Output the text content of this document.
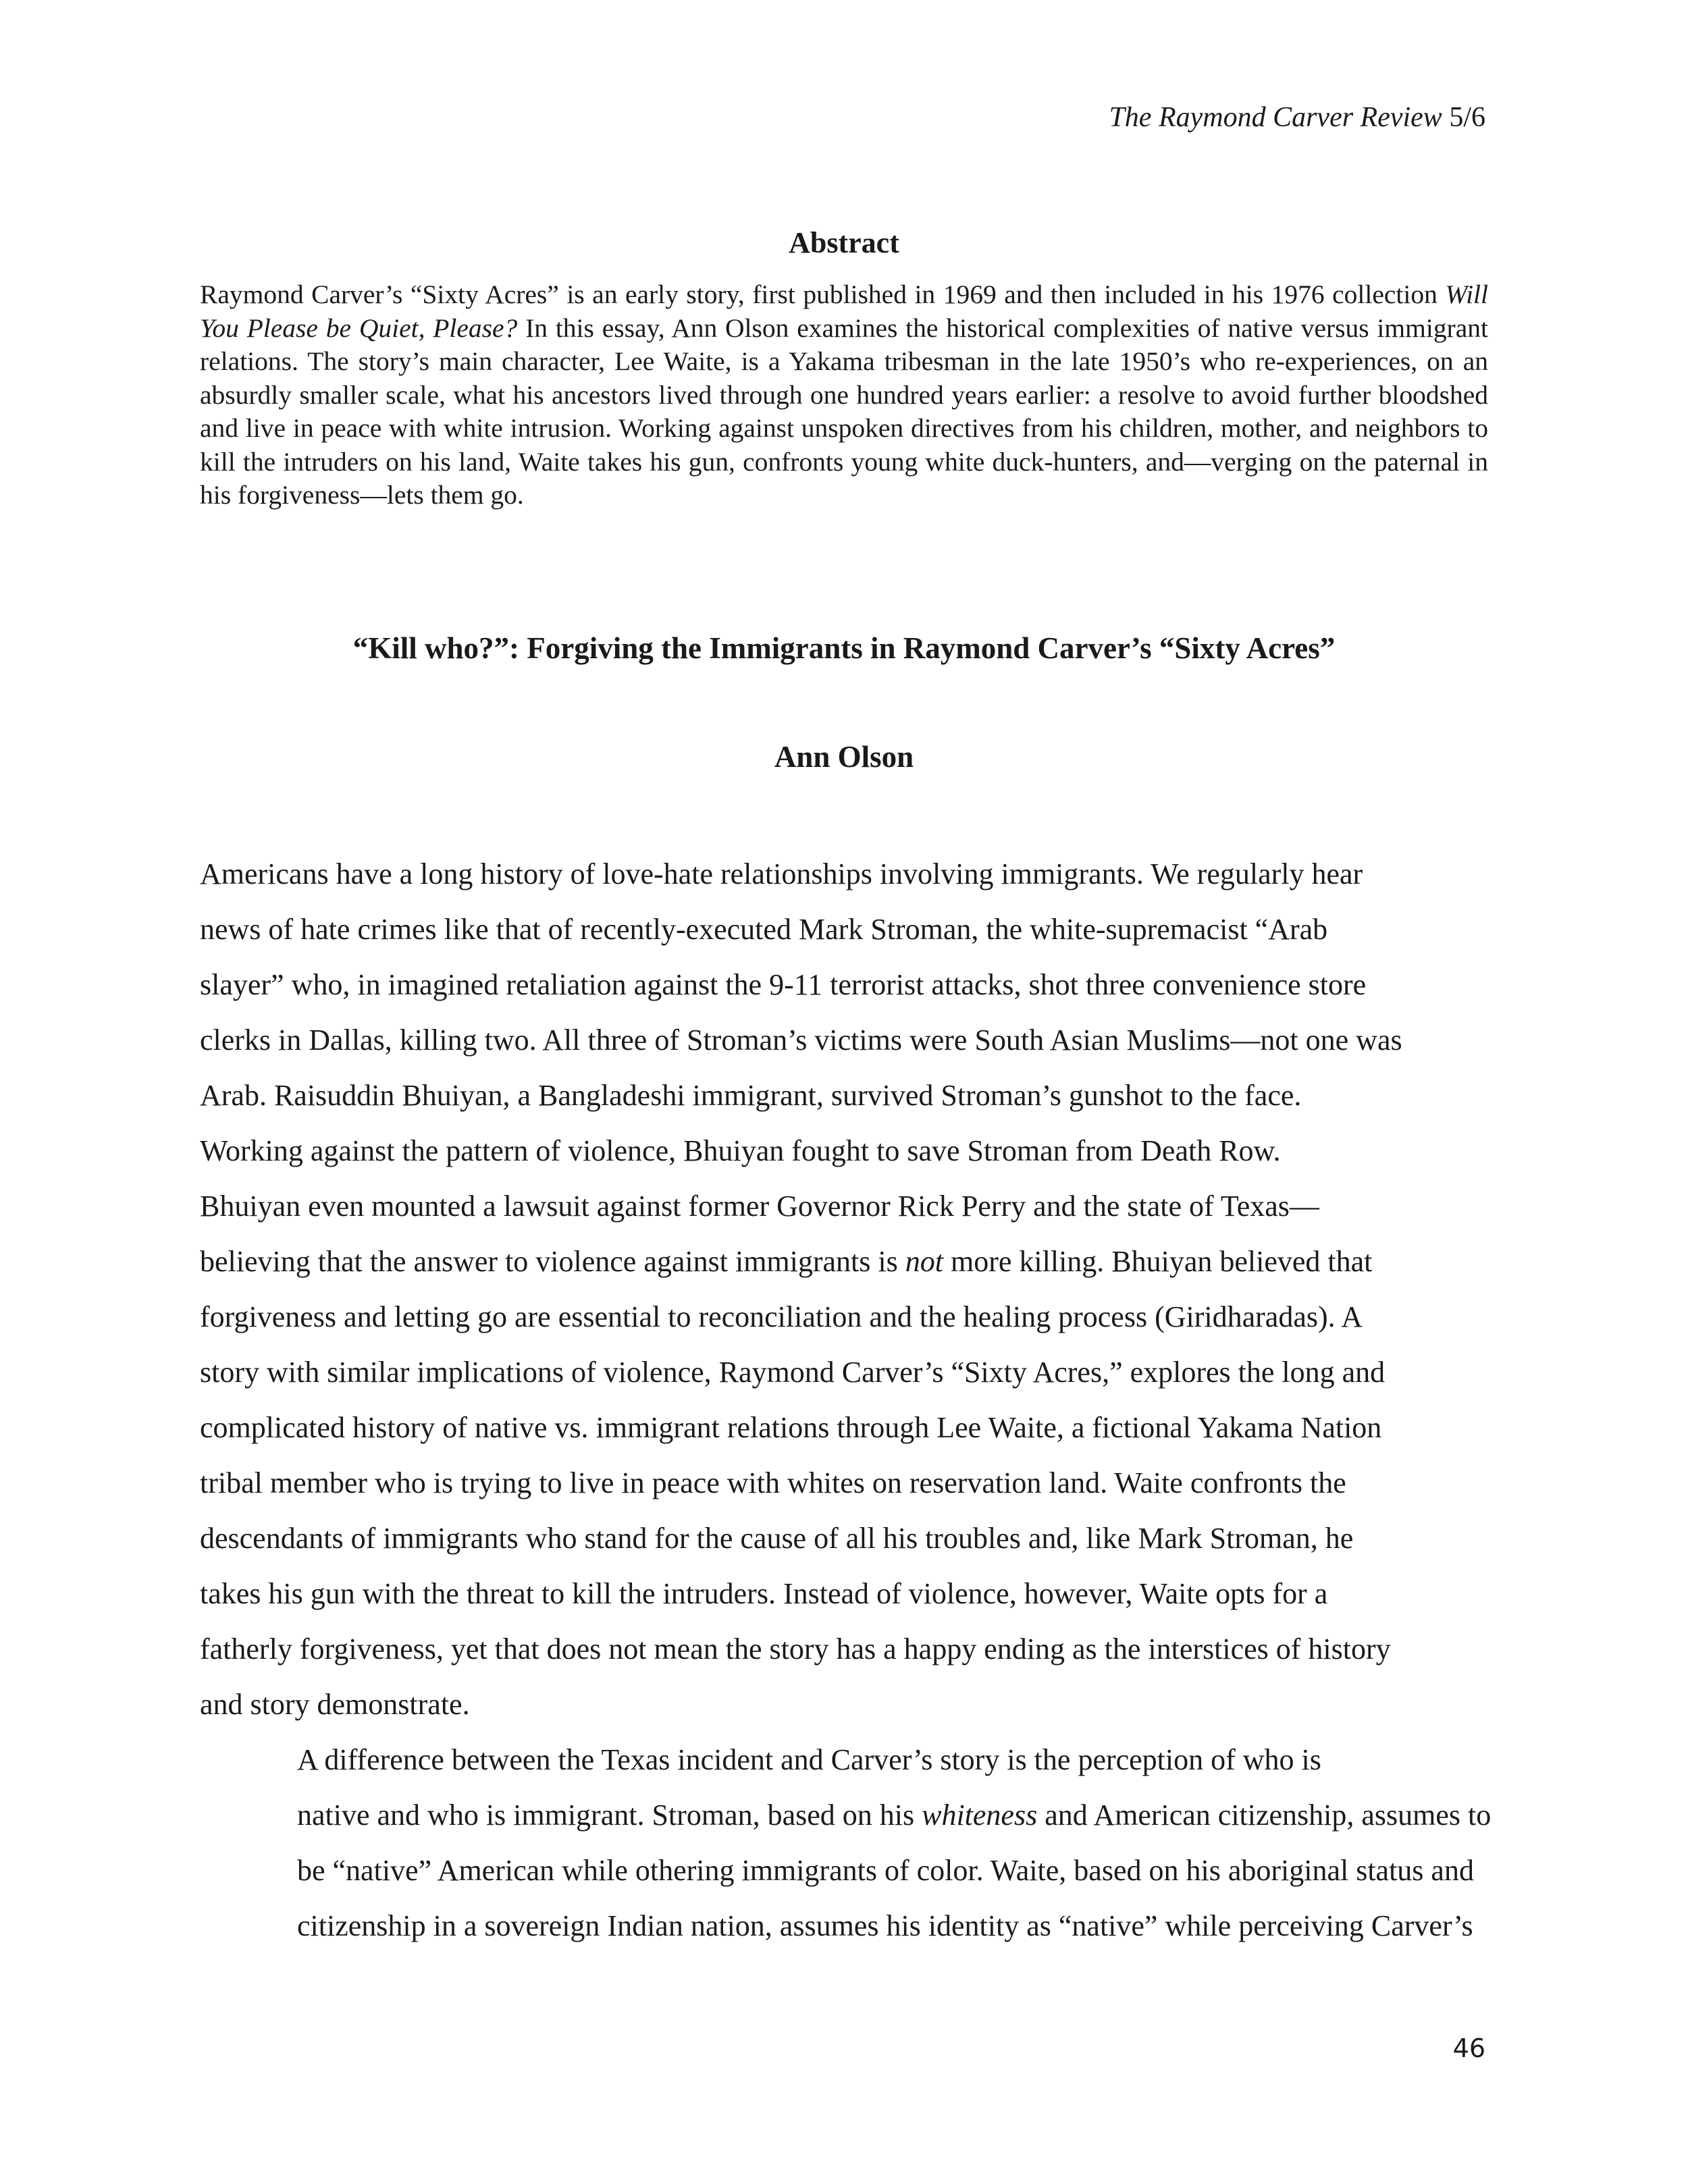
The Raymond Carver Review 5/6
Abstract
Raymond Carver’s “Sixty Acres” is an early story, first published in 1969 and then included in his 1976 collection Will You Please be Quiet, Please? In this essay, Ann Olson examines the historical complexities of native versus immigrant relations. The story’s main character, Lee Waite, is a Yakama tribesman in the late 1950’s who re-experiences, on an absurdly smaller scale, what his ancestors lived through one hundred years earlier: a resolve to avoid further bloodshed and live in peace with white intrusion. Working against unspoken directives from his children, mother, and neighbors to kill the intruders on his land, Waite takes his gun, confronts young white duck-hunters, and—verging on the paternal in his forgiveness—lets them go.
“Kill who?”: Forgiving the Immigrants in Raymond Carver’s “Sixty Acres”
Ann Olson

Americans have a long history of love-hate relationships involving immigrants. We regularly hear
news of hate crimes like that of recently-executed Mark Stroman, the white-supremacist “Arab
slayer” who, in imagined retaliation against the 9-11 terrorist attacks, shot three convenience store
clerks in Dallas, killing two. All three of Stroman’s victims were South Asian Muslims—not one was
Arab. Raisuddin Bhuiyan, a Bangladeshi immigrant, survived Stroman’s gunshot to the face.
Working against the pattern of violence, Bhuiyan fought to save Stroman from Death Row.
Bhuiyan even mounted a lawsuit against former Governor Rick Perry and the state of Texas—
believing that the answer to violence against immigrants is not more killing. Bhuiyan believed that
forgiveness and letting go are essential to reconciliation and the healing process (Giridharadas). A
story with similar implications of violence, Raymond Carver’s “Sixty Acres,” explores the long and
complicated history of native vs. immigrant relations through Lee Waite, a fictional Yakama Nation
tribal member who is trying to live in peace with whites on reservation land. Waite confronts the
descendants of immigrants who stand for the cause of all his troubles and, like Mark Stroman, he
takes his gun with the threat to kill the intruders. Instead of violence, however, Waite opts for a
fatherly forgiveness, yet that does not mean the story has a happy ending as the interstices of history
and story demonstrate.

A difference between the Texas incident and Carver’s story is the perception of who is
native and who is immigrant. Stroman, based on his whiteness and American citizenship, assumes to
be “native” American while othering immigrants of color. Waite, based on his aboriginal status and
citizenship in a sovereign Indian nation, assumes his identity as “native” while perceiving Carver’s

46
